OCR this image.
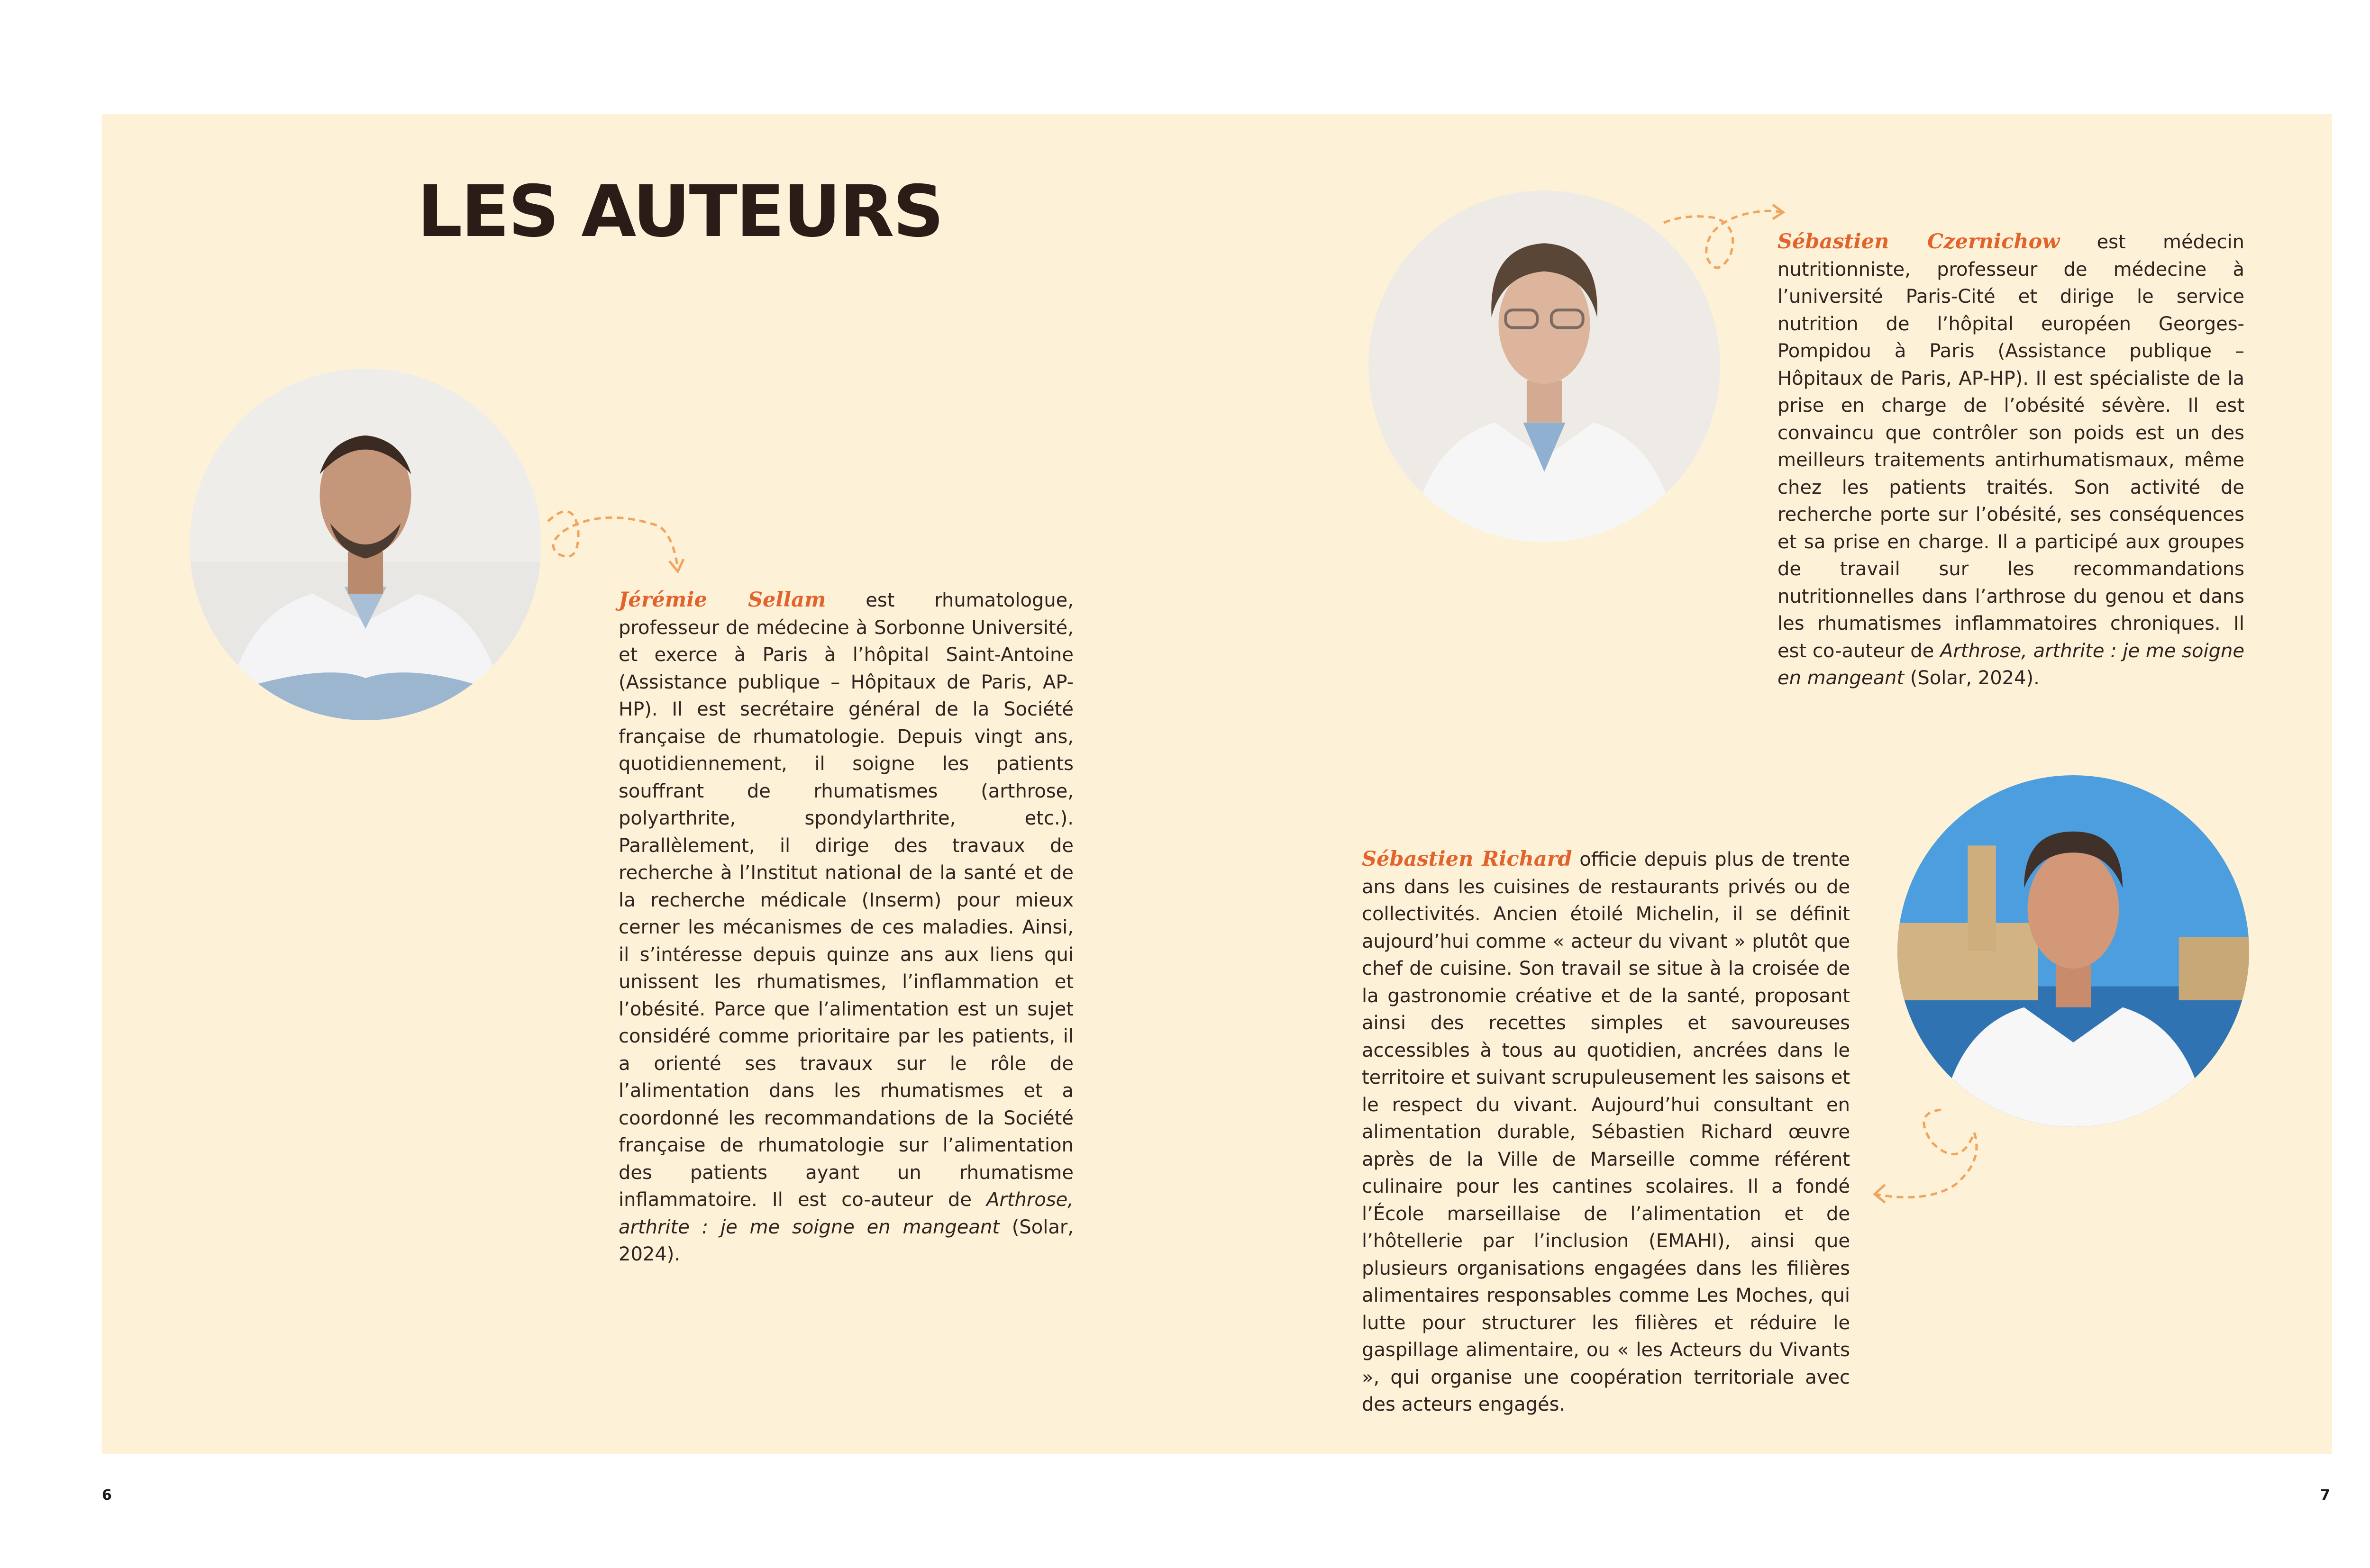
LES AUTEURS

Jérémie Sellam est rhumatologue, professeur de médecine à Sorbonne Université, et exerce à Paris à l’hôpital Saint-Antoine (Assistance publique – Hôpitaux de Paris, AP-HP). Il est secrétaire général de la Société française de rhumatologie. Depuis vingt ans, quotidiennement, il soigne les patients souffrant de rhumatismes (arthrose, polyarthrite, spondylarthrite, etc.). Parallèlement, il dirige des travaux de recherche à l’Institut national de la santé et de la recherche médicale (Inserm) pour mieux cerner les mécanismes de ces maladies. Ainsi, il s’intéresse depuis quinze ans aux liens qui unissent les rhumatismes, l’inflammation et l’obésité. Parce que l’alimentation est un sujet considéré comme prioritaire par les patients, il a orienté ses travaux sur le rôle de l’alimentation dans les rhumatismes et a coordonné les recommandations de la Société française de rhumatologie sur l’alimentation des patients ayant un rhumatisme inflammatoire. Il est co-auteur de Arthrose, arthrite : je me soigne en mangeant (Solar, 2024).

Sébastien Czernichow est médecin nutritionniste, professeur de médecine à l’université Paris-Cité et dirige le service nutrition de l’hôpital européen Georges-Pompidou à Paris (Assistance publique – Hôpitaux de Paris, AP-HP). Il est spécialiste de la prise en charge de l’obésité sévère. Il est convaincu que contrôler son poids est un des meilleurs traitements antirhumatismaux, même chez les patients traités. Son activité de recherche porte sur l’obésité, ses conséquences et sa prise en charge. Il a participé aux groupes de travail sur les recommandations nutritionnelles dans l’arthrose du genou et dans les rhumatismes inflammatoires chroniques. Il est co-auteur de Arthrose, arthrite : je me soigne en mangeant (Solar, 2024).

Sébastien Richard officie depuis plus de trente ans dans les cuisines de restaurants privés ou de collectivités. Ancien étoilé Michelin, il se définit aujourd’hui comme « acteur du vivant » plutôt que chef de cuisine. Son travail se situe à la croisée de la gastronomie créative et de la santé, proposant ainsi des recettes simples et savoureuses accessibles à tous au quotidien, ancrées dans le territoire et suivant scrupuleusement les saisons et le respect du vivant. Aujourd’hui consultant en alimentation durable, Sébastien Richard œuvre après de la Ville de Marseille comme référent culinaire pour les cantines scolaires. Il a fondé l’École marseillaise de l’alimentation et de l’hôtellerie par l’inclusion (EMAHI), ainsi que plusieurs organisations engagées dans les filières alimentaires responsables comme Les Moches, qui lutte pour structurer les filières et réduire le gaspillage alimentaire, ou « les Acteurs du Vivants », qui organise une coopération territoriale avec des acteurs engagés.

6	7
